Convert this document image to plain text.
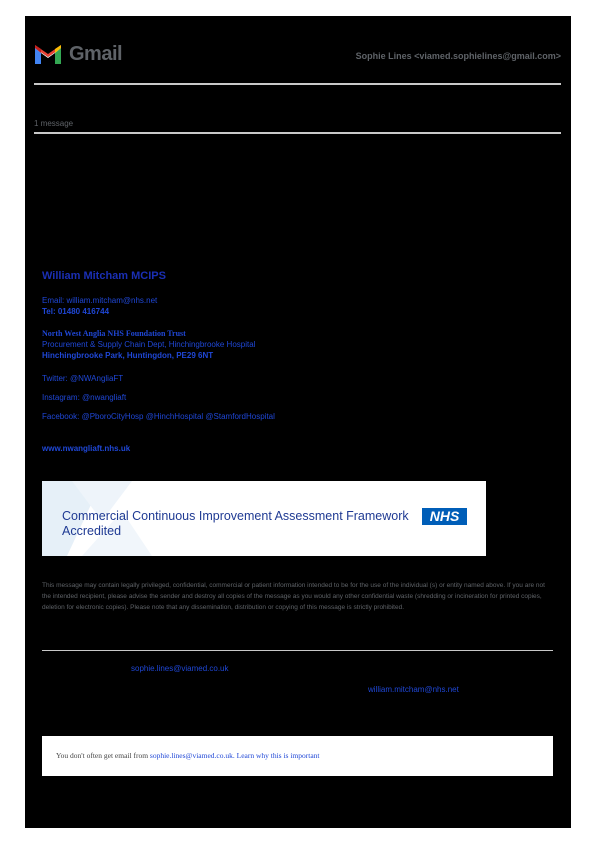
Gmail	Sophie Lines <viamed.sophielines@gmail.com>
1 message
William Mitcham MCIPS
Email: william.mitcham@nhs.net
Tel: 01480 416744
North West Anglia NHS Foundation Trust
Procurement & Supply Chain Dept, Hinchingbrooke Hospital
Hinchingbrooke Park, Huntingdon, PE29 6NT
Twitter: @NWAngliaFT
Instagram: @nwangliaft
Facebook: @PboroCityHosp @HinchHospital @StamfordHospital
www.nwangliaft.nhs.uk
Commercial Continuous Improvement Assessment Framework
Accredited
NHS
This message may contain legally privileged, confidential, commercial or patient information intended to be for the use of the individual (s) or entity named above. If you are not the intended recipient, please advise the sender and destroy all copies of the message as you would any other confidential waste (shredding or incineration for printed copies, deletion for electronic copies). Please note that any dissemination, distribution or copying of this message is strictly prohibited.
sophie.lines@viamed.co.uk
william.mitcham@nhs.net
You don't often get email from sophie.lines@viamed.co.uk. Learn why this is important
